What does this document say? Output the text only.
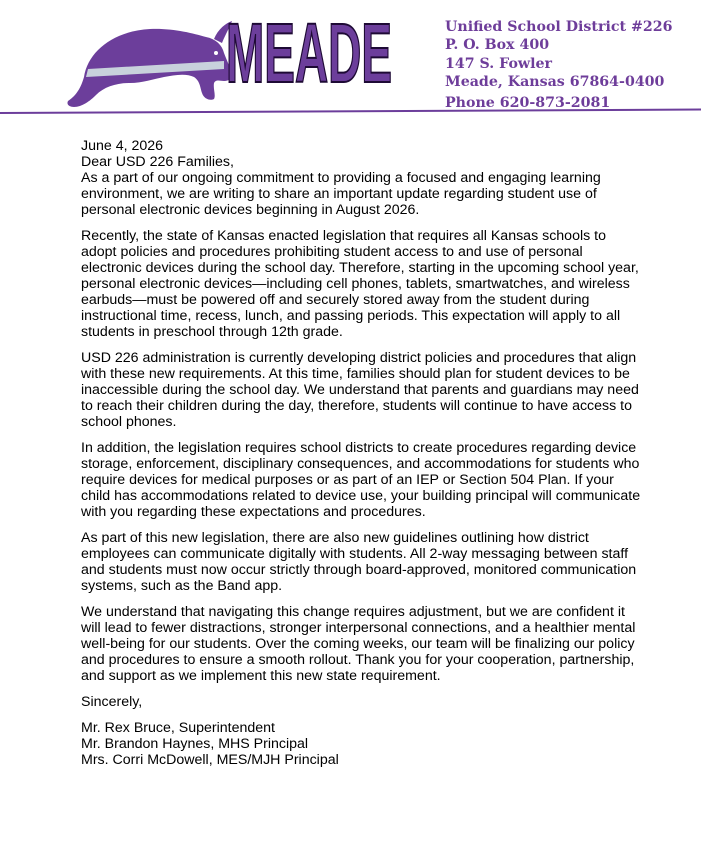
MEADE	Unified School District #226
P. O. Box 400
147 S. Fowler
Meade, Kansas 67864-0400
Phone 620-873-2081

June 4, 2026

Dear USD 226 Families,

As a part of our ongoing commitment to providing a focused and engaging learning environment, we are writing to share an important update regarding student use of personal electronic devices beginning in August 2026.

Recently, the state of Kansas enacted legislation that requires all Kansas schools to adopt policies and procedures prohibiting student access to and use of personal electronic devices during the school day. Therefore, starting in the upcoming school year, personal electronic devices—including cell phones, tablets, smartwatches, and wireless earbuds—must be powered off and securely stored away from the student during instructional time, recess, lunch, and passing periods. This expectation will apply to all students in preschool through 12th grade.

USD 226 administration is currently developing district policies and procedures that align with these new requirements. At this time, families should plan for student devices to be inaccessible during the school day. We understand that parents and guardians may need to reach their children during the day, therefore, students will continue to have access to school phones.

In addition, the legislation requires school districts to create procedures regarding device storage, enforcement, disciplinary consequences, and accommodations for students who require devices for medical purposes or as part of an IEP or Section 504 Plan. If your child has accommodations related to device use, your building principal will communicate with you regarding these expectations and procedures.

As part of this new legislation, there are also new guidelines outlining how district employees can communicate digitally with students. All 2-way messaging between staff and students must now occur strictly through board-approved, monitored communication systems, such as the Band app.

We understand that navigating this change requires adjustment, but we are confident it will lead to fewer distractions, stronger interpersonal connections, and a healthier mental well-being for our students. Over the coming weeks, our team will be finalizing our policy and procedures to ensure a smooth rollout. Thank you for your cooperation, partnership, and support as we implement this new state requirement.

Sincerely,

Mr. Rex Bruce, Superintendent
Mr. Brandon Haynes, MHS Principal
Mrs. Corri McDowell, MES/MJH Principal
